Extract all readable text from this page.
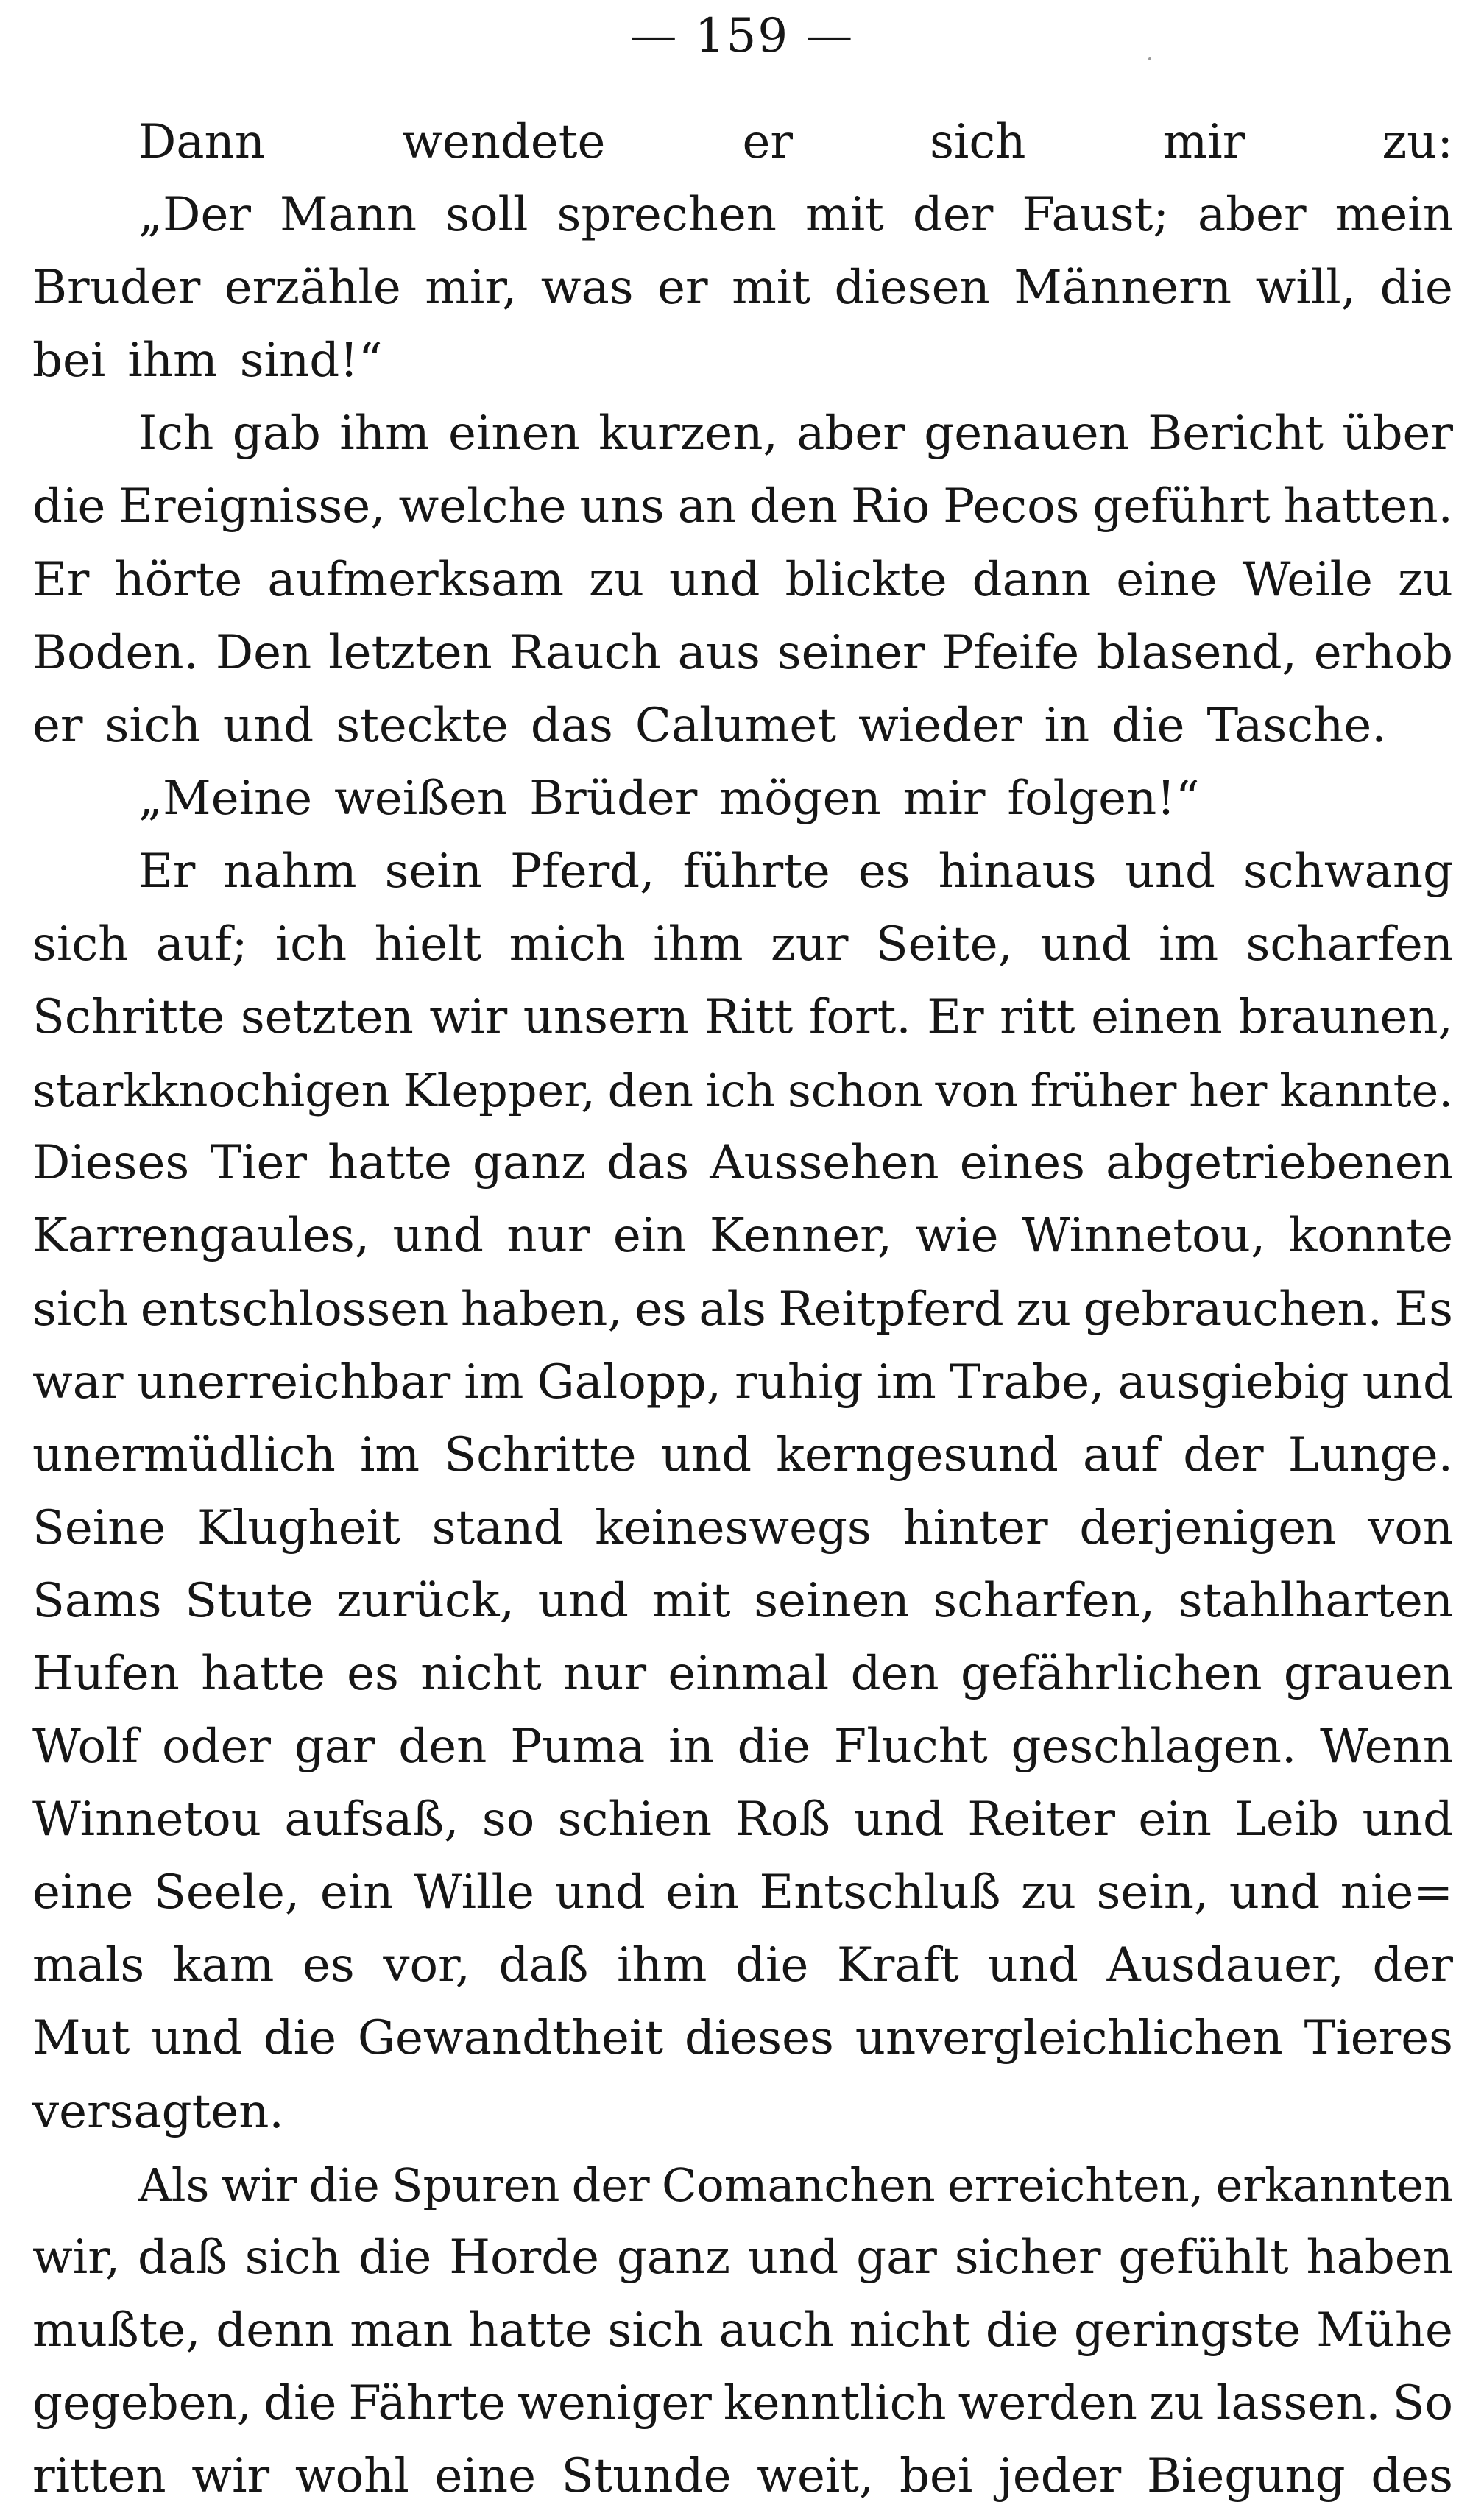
— 159 —
Dann	wendete	er	sich	mir	zu:
„Der Mann soll sprechen mit der Faust; aber mein
Bruder erzähle mir, was er mit diesen Männern will, die
bei ihm sind!“
Ich gab ihm einen kurzen, aber genauen Bericht über
die Ereignisse, welche uns an den Rio Pecos geführt hatten.
Er hörte aufmerksam zu und blickte dann eine Weile zu
Boden. Den letzten Rauch aus seiner Pfeife blasend, erhob
er sich und steckte das Calumet wieder in die Tasche.
„Meine weißen Brüder mögen mir folgen!“
Er nahm sein Pferd, führte es hinaus und schwang
sich auf; ich hielt mich ihm zur Seite, und im scharfen
Schritte setzten wir unsern Ritt fort. Er ritt einen braunen,
starkknochigen Klepper, den ich schon von früher her kannte.
Dieses Tier hatte ganz das Aussehen eines abgetriebenen
Karrengaules, und nur ein Kenner, wie Winnetou, konnte
sich entschlossen haben, es als Reitpferd zu gebrauchen. Es
war unerreichbar im Galopp, ruhig im Trabe, ausgiebig und
unermüdlich im Schritte und kerngesund auf der Lunge.
Seine Klugheit stand keineswegs hinter derjenigen von
Sams Stute zurück, und mit seinen scharfen, stahlharten
Hufen hatte es nicht nur einmal den gefährlichen grauen
Wolf oder gar den Puma in die Flucht geschlagen. Wenn
Winnetou aufsaß, so schien Roß und Reiter ein Leib und
eine Seele, ein Wille und ein Entschluß zu sein, und nie=
mals kam es vor, daß ihm die Kraft und Ausdauer, der
Mut und die Gewandtheit dieses unvergleichlichen Tieres
versagten.
Als wir die Spuren der Comanchen erreichten, erkannten
wir, daß sich die Horde ganz und gar sicher gefühlt haben
mußte, denn man hatte sich auch nicht die geringste Mühe
gegeben, die Fährte weniger kenntlich werden zu lassen. So
ritten wir wohl eine Stunde weit, bei jeder Biegung des
